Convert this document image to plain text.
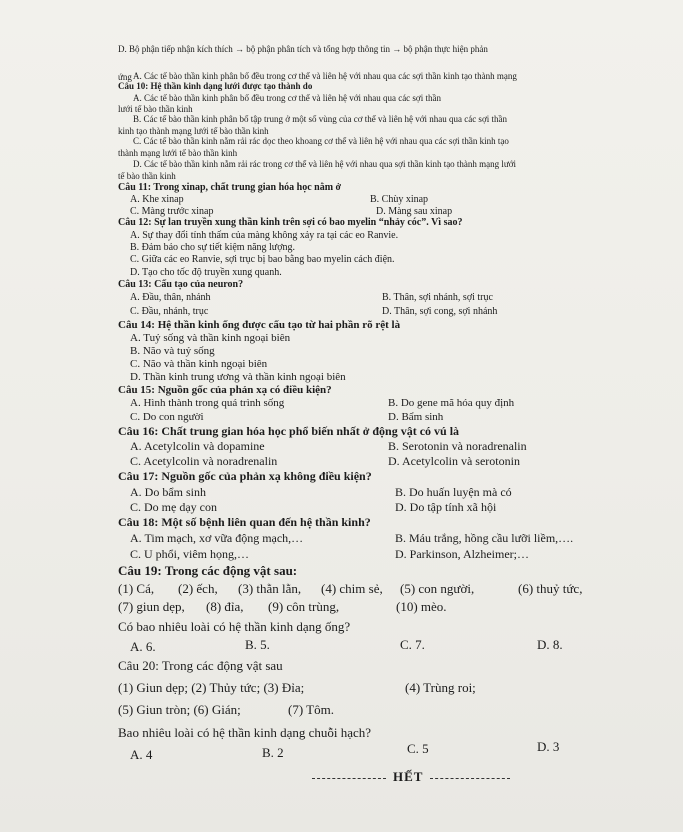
D. Bộ phận tiếp nhận kích thích → bộ phận phân tích và tổng hợp thông tin → bộ phận thực hiện phản
ứng
Câu 10: Hệ thần kinh dạng lưới được tạo thành do
A. Các tế bào thần kinh phân bố đều trong cơ thể và liên hệ với nhau qua các sợi thần kinh tạo thành mạng
lưới tế bào thần kinh
A. Các tế bào thần kinh phân bố đều trong cơ thể và liên hệ với nhau qua các sợi thần
B. Các tế bào thần kinh phân bố tập trung ở một số vùng của cơ thể và liên hệ với nhau qua các sợi thần
kinh tạo thành mạng lưới tế bào thần kinh
C. Các tế bào thần kinh nằm rải rác dọc theo khoang cơ thể và liên hệ với nhau qua các sợi thần kinh tạo
thành mạng lưới tế bào thần kinh
D. Các tế bào thần kinh nằm rải rác trong cơ thể và liên hệ với nhau qua sợi thần kinh tạo thành mạng lưới
tế bào thần kinh
Câu 11: Trong xinap, chất trung gian hóa học nằm ở
A. Khe xinap	B. Chùy xinap
C. Màng trước xinap	D. Màng sau xinap
Câu 12: Sự lan truyền xung thần kinh trên sợi có bao myelin “nhảy cóc”. Vì sao?
A. Sự thay đổi tính thấm của màng không xảy ra tại các eo Ranvie.
B. Đảm bảo cho sự tiết kiệm năng lượng.
C. Giữa các eo Ranvie, sợi trục bị bao bằng bao myelin cách điện.
D. Tạo cho tốc độ truyền xung quanh.
Câu 13: Cấu tạo của neuron?
A. Đầu, thân, nhánh	B. Thân, sợi nhánh, sợi trục
C. Đầu, nhánh, trục	D. Thân, sợi cong, sợi nhánh
Câu 14: Hệ thần kinh ống được cấu tạo từ hai phần rõ rệt là
A. Tuỷ sống và thần kinh ngoại biên
B. Não và tuỷ sống
C. Não và thần kinh ngoại biên
D. Thần kinh trung ương và thần kinh ngoại biên
Câu 15: Nguồn gốc của phản xạ có điều kiện?
A. Hình thành trong quá trình sống	B. Do gene mã hóa quy định
C. Do con người	D. Bẩm sinh
Câu 16: Chất trung gian hóa học phổ biến nhất ở động vật có vú là
A. Acetylcolin và dopamine	B. Serotonin và noradrenalin
C. Acetylcolin và noradrenalin	D. Acetylcolin và serotonin
Câu 17: Nguồn gốc của phản xạ không điều kiện?
A. Do bẩm sinh	B. Do huấn luyện mà có
C. Do mẹ dạy con	D. Do tập tính xã hội
Câu 18: Một số bệnh liên quan đến hệ thần kinh?
A. Tim mạch, xơ vữa động mạch,…	B. Máu trắng, hồng cầu lưỡi liềm,….
C. U phổi, viêm họng,…	D. Parkinson, Alzheimer;…
Câu 19: Trong các động vật sau:
(1) Cá, (2) ếch, (3) thằn lằn, (4) chim sẻ, (5) con người,	(6) thuỷ tức,
(7) giun dẹp, (8) đỉa, (9) côn trùng,	(10) mèo.
Có bao nhiêu loài có hệ thần kinh dạng ống?
A. 6.	B. 5.	C. 7.	D. 8.
Câu 20: Trong các động vật sau
(1) Giun dẹp; (2) Thủy tức; (3) Đỉa;	(4) Trùng roi;
(5) Giun tròn; (6) Gián;	(7) Tôm.
Bao nhiêu loài có hệ thần kinh dạng chuỗi hạch?
A. 4	B. 2	C. 5	D. 3
HẾT
